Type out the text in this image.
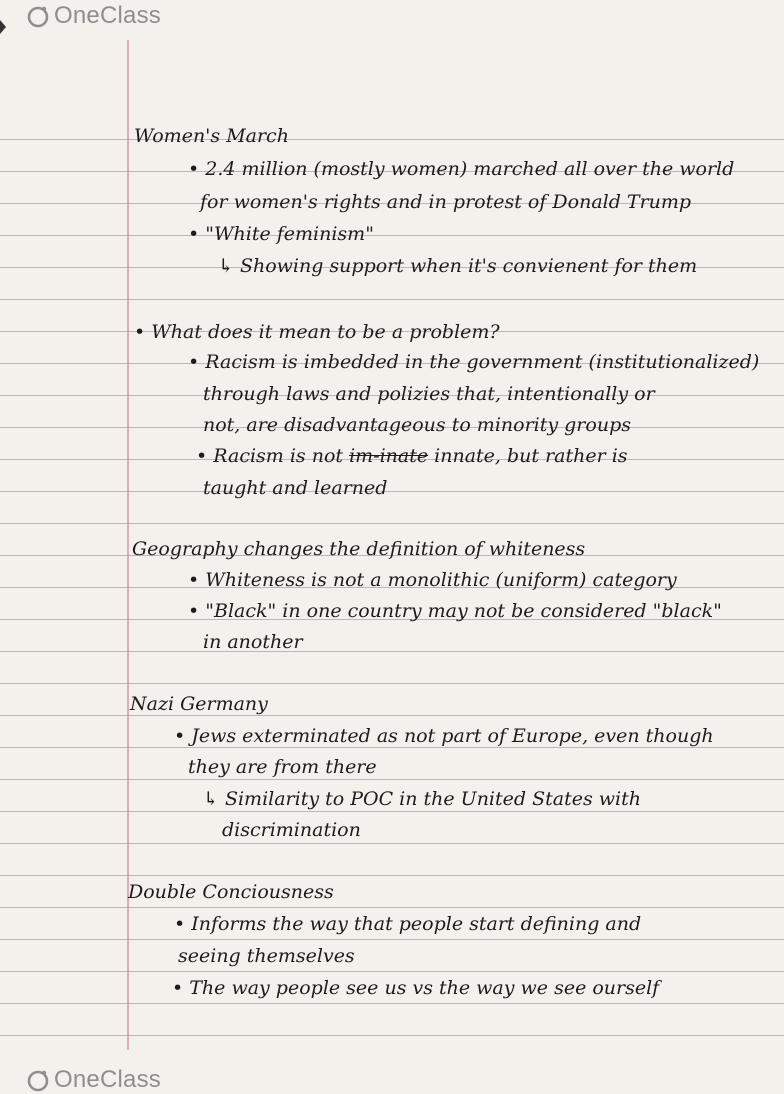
OneClass
Women's March
• 2.4 million (mostly women) marched all over the world
for women's rights and in protest of Donald Trump
• "White feminism"
↳ Showing support when it's convienent for them
• What does it mean to be a problem?
• Racism is imbedded in the government (institutionalized)
through laws and polizies that, intentionally or
not, are disadvantageous to minority groups
• Racism is not im-inate innate, but rather is
taught and learned
Geography changes the definition of whiteness
• Whiteness is not a monolithic (uniform) category
• "Black" in one country may not be considered "black"
in another
Nazi Germany
• Jews exterminated as not part of Europe, even though
they are from there
↳ Similarity to POC in the United States with
discrimination
Double Conciousness
• Informs the way that people start defining and
seeing themselves
• The way people see us vs the way we see ourself
OneClass
